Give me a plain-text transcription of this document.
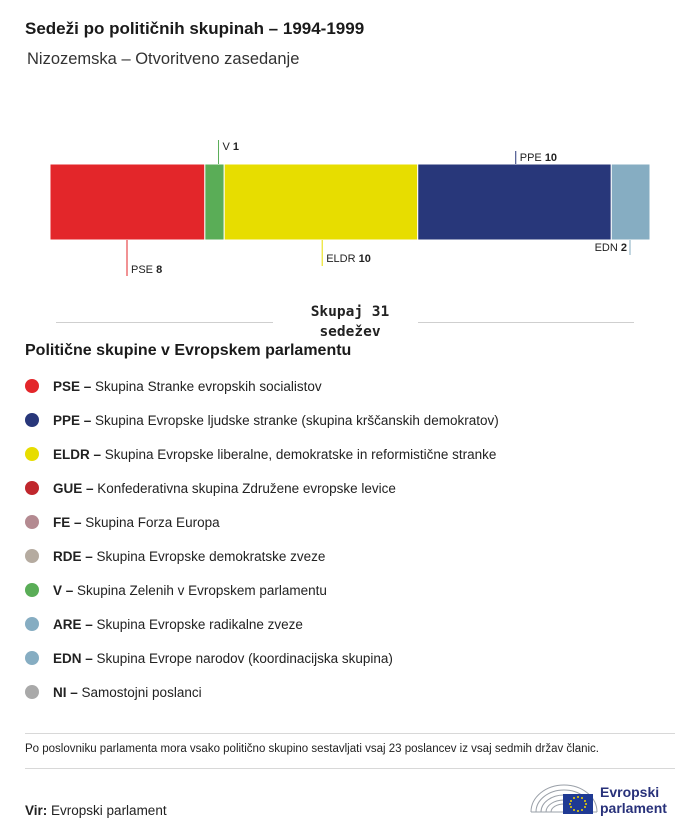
Sedeži po političnih skupinah – 1994-1999
Nizozemska – Otvoritveno zasedanje
PSE 8
V 1
ELDR 10
PPE 10
EDN 2
Skupaj 31
sedežev
Politične skupine v Evropskem parlamentu
PSE – Skupina Stranke evropskih socialistov
PPE – Skupina Evropske ljudske stranke (skupina krščanskih demokratov)
ELDR – Skupina Evropske liberalne, demokratske in reformistične stranke
GUE – Konfederativna skupina Združene evropske levice
FE – Skupina Forza Europa
RDE – Skupina Evropske demokratske zveze
V – Skupina Zelenih v Evropskem parlamentu
ARE – Skupina Evropske radikalne zveze
EDN – Skupina Evrope narodov (koordinacijska skupina)
NI – Samostojni poslanci
Po poslovniku parlamenta mora vsako politično skupino sestavljati vsaj 23 poslancev iz vsaj sedmih držav članic.
Vir: Evropski parlament
Evropski
parlament
